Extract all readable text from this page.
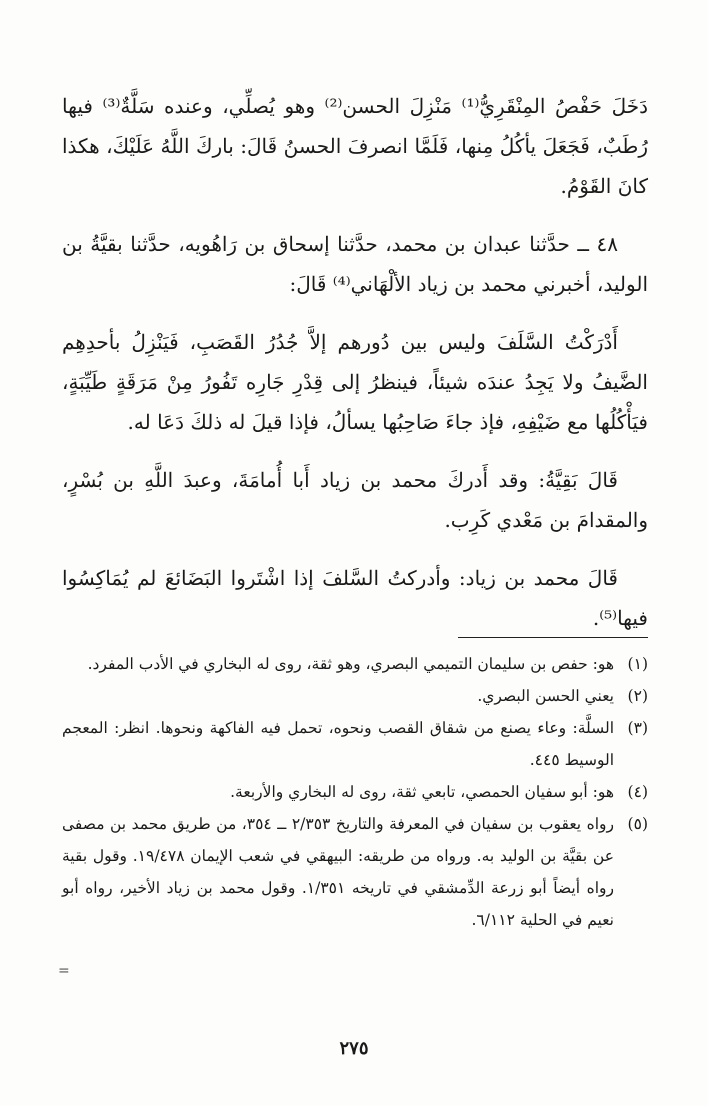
دَخَلَ حَفْصُ المِنْقَرِيُّ⁽¹⁾ مَنْزِلَ الحسن⁽²⁾ وهو يُصلِّي، وعنده سَلَّةٌ⁽³⁾ فيها رُطَبٌ، فَجَعَلَ يأكُلُ مِنها، فَلَمَّا انصرفَ الحسنُ قَالَ: باركَ اللَّهُ عَلَيْكَ، هكذا كانَ القَوْمُ.

٤٨ ــ حدَّثنا عبدان بن محمد، حدَّثنا إسحاق بن رَاهُويه، حدَّثنا بقيَّةُ بن الوليد، أخبرني محمد بن زياد الألْهَاني⁽⁴⁾ قَالَ:

أَدْرَكْتُ السَّلَفَ وليس بين دُورهم إلاَّ جُدُرُ القَصَبِ، فَيَنْزِلُ بأحدِهِم الضَّيفُ ولا يَجِدُ عندَه شيئاً، فينظرُ إلى قِدْرِ جَارِه تَفُورُ مِنْ مَرَقَةٍ طَيِّبَةٍ، فيَأْكُلُها مع ضَيْفِهِ، فإذ جاءَ صَاحِبُها يسألُ، فإذا قيلَ له ذلكَ دَعَا له.

قَالَ بَقِيَّةُ: وقد أَدركَ محمد بن زياد أَبا أُمامَةَ، وعبدَ اللَّهِ بن بُسْرٍ، والمقدامَ بن مَعْدي كَرِب.

قَالَ محمد بن زياد: وأدركتُ السَّلفَ إذا اشْتَروا البَضَائعَ لم يُمَاكِسُوا فيها⁽⁵⁾.

(١)
هو: حفص بن سليمان التميمي البصري، وهو ثقة، روى له البخاري في الأدب المفرد.
(٢)
يعني الحسن البصري.
(٣)
السلَّة: وعاء يصنع من شقاق القصب ونحوه، تحمل فيه الفاكهة ونحوها. انظر: المعجم الوسيط ٤٤٥.
(٤)
هو: أبو سفيان الحمصي، تابعي ثقة، روى له البخاري والأربعة.
(٥)
رواه يعقوب بن سفيان في المعرفة والتاريخ ٢/٣٥٣ ــ ٣٥٤، من طريق محمد بن مصفى عن بقيَّة بن الوليد به. ورواه من طريقه: البيهقي في شعب الإيمان ١٩/٤٧٨. وقول بقية رواه أيضاً أبو زرعة الدِّمشقي في تاريخه ١/٣٥١. وقول محمد بن زياد الأخير، رواه أبو نعيم في الحلية ٦/١١٢.
=
٢٧٥
